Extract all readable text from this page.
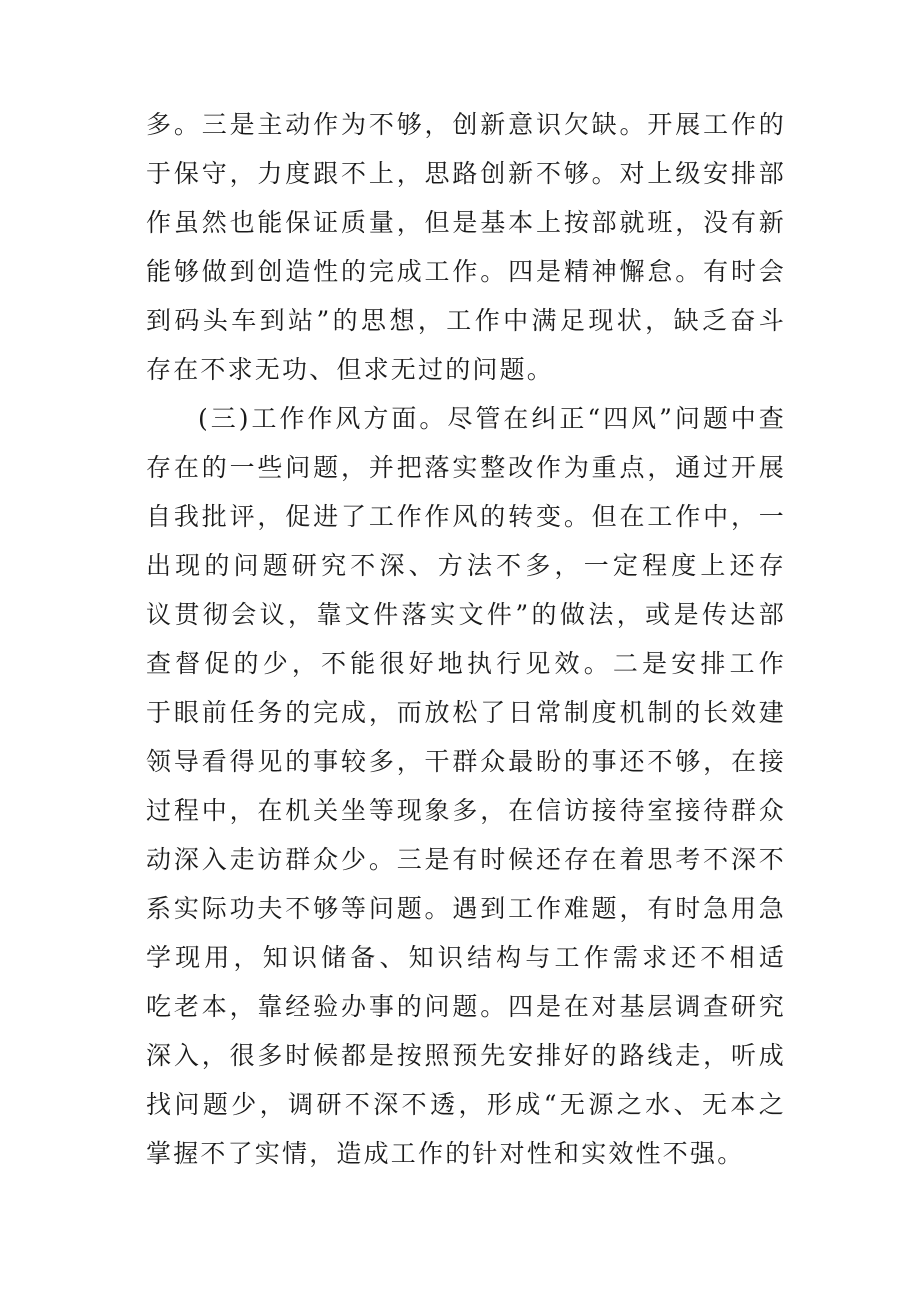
多。三是主动作为不够，创新意识欠缺。开展工作的
于保守，力度跟不上，思路创新不够。对上级安排部
作虽然也能保证质量，但是基本上按部就班，没有新
能够做到创造性的完成工作。四是精神懈怠。有时会
到码头车到站”的思想，工作中满足现状，缺乏奋斗
存在不求无功、但求无过的问题。
(三)工作作风方面。尽管在纠正“四风”问题中查
存在的一些问题，并把落实整改作为重点，通过开展
自我批评，促进了工作作风的转变。但在工作中，一
出现的问题研究不深、方法不多，一定程度上还存
议贯彻会议，靠文件落实文件”的做法，或是传达部
查督促的少，不能很好地执行见效。二是安排工作
于眼前任务的完成，而放松了日常制度机制的长效建
领导看得见的事较多，干群众最盼的事还不够，在接
过程中，在机关坐等现象多，在信访接待室接待群众
动深入走访群众少。三是有时候还存在着思考不深不
系实际功夫不够等问题。遇到工作难题，有时急用急
学现用，知识储备、知识结构与工作需求还不相适
吃老本，靠经验办事的问题。四是在对基层调查研究
深入，很多时候都是按照预先安排好的路线走，听成
找问题少，调研不深不透，形成“无源之水、无本之
掌握不了实情，造成工作的针对性和实效性不强。
